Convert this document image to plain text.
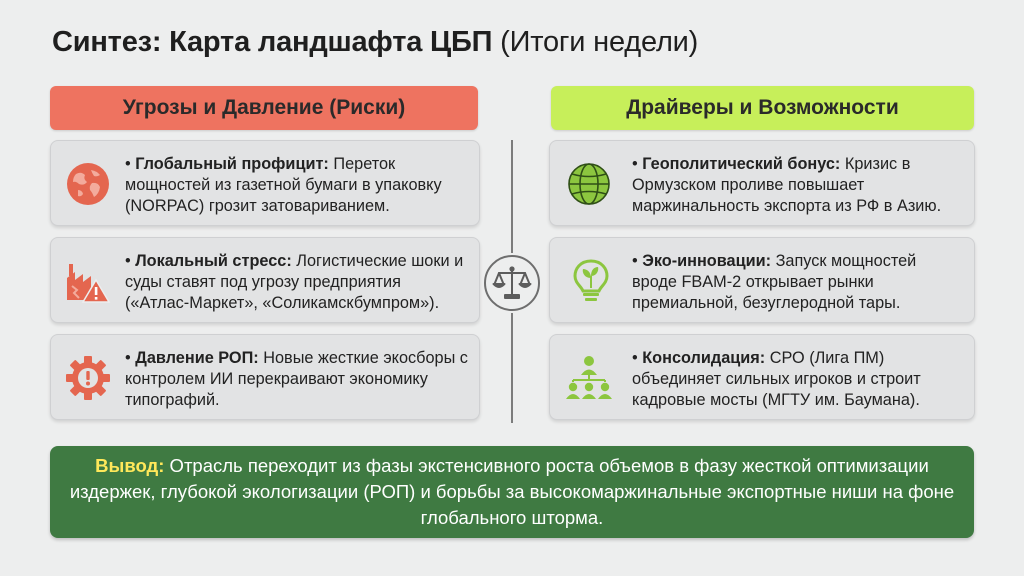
Синтез: Карта ландшафта ЦБП (Итоги недели)
Угрозы и Давление (Риски)	Драйверы и Возможности
• Глобальный профицит: Переток мощностей из газетной бумаги в упаковку (NORPAC) грозит затовариванием.
• Локальный стресс: Логистические шоки и суды ставят под угрозу предприятия («Атлас-Маркет», «Соликамскбумпром»).
• Давление РОП: Новые жесткие экосборы с контролем ИИ перекраивают экономику типографий.
• Геополитический бонус: Кризис в Ормузском проливе повышает маржинальность экспорта из РФ в Азию.
• Эко-инновации: Запуск мощностей вроде FBAM-2 открывает рынки премиальной, безуглеродной тары.
• Консолидация: СРО (Лига ПМ) объединяет сильных игроков и строит кадровые мосты (МГТУ им. Баумана).
Вывод: Отрасль переходит из фазы экстенсивного роста объемов в фазу жесткой оптимизации издержек, глубокой экологизации (РОП) и борьбы за высокомаржинальные экспортные ниши на фоне глобального шторма.
